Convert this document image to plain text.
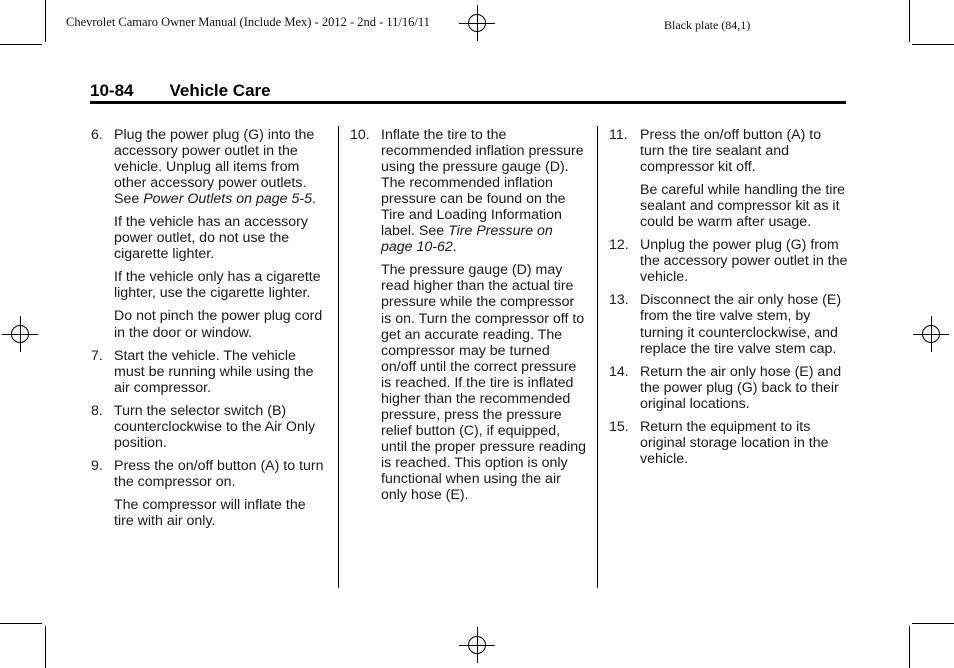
Chevrolet Camaro Owner Manual (Include Mex) - 2012 - 2nd - 11/16/11	Black plate (84,1)
10-84 Vehicle Care
6. Plug the power plug (G) into the accessory power outlet in the vehicle. Unplug all items from other accessory power outlets. See Power Outlets on page 5-5.
If the vehicle has an accessory power outlet, do not use the cigarette lighter.
If the vehicle only has a cigarette lighter, use the cigarette lighter.
Do not pinch the power plug cord in the door or window.
7. Start the vehicle. The vehicle must be running while using the air compressor.
8. Turn the selector switch (B) counterclockwise to the Air Only position.
9. Press the on/off button (A) to turn the compressor on.
The compressor will inflate the tire with air only.
10. Inflate the tire to the recommended inflation pressure using the pressure gauge (D). The recommended inflation pressure can be found on the Tire and Loading Information label. See Tire Pressure on page 10-62.
The pressure gauge (D) may read higher than the actual tire pressure while the compressor is on. Turn the compressor off to get an accurate reading. The compressor may be turned on/off until the correct pressure is reached. If the tire is inflated higher than the recommended pressure, press the pressure relief button (C), if equipped, until the proper pressure reading is reached. This option is only functional when using the air only hose (E).
11. Press the on/off button (A) to turn the tire sealant and compressor kit off.
Be careful while handling the tire sealant and compressor kit as it could be warm after usage.
12. Unplug the power plug (G) from the accessory power outlet in the vehicle.
13. Disconnect the air only hose (E) from the tire valve stem, by turning it counterclockwise, and replace the tire valve stem cap.
14. Return the air only hose (E) and the power plug (G) back to their original locations.
15. Return the equipment to its original storage location in the vehicle.
